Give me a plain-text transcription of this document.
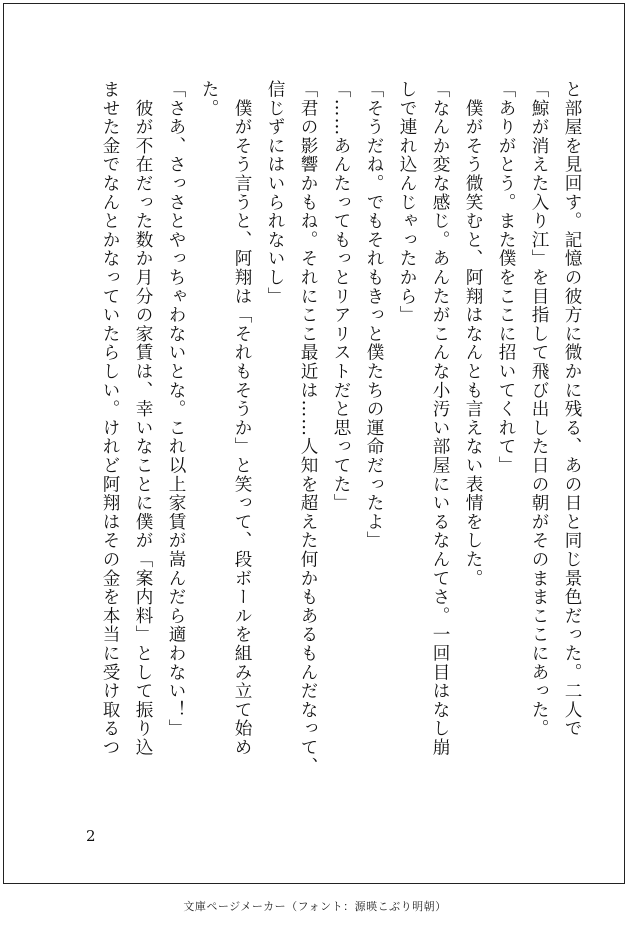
と部屋を見回す。記憶の彼方に微かに残る、あの日と同じ景色だった。二人で

「鯨が消えた入り江」を目指して飛び出した日の朝がそのままここにあった。

「ありがとう。また僕をここに招いてくれて」

　僕がそう微笑むと、阿翔はなんとも言えない表情をした。

「なんか変な感じ。あんたがこんな小汚い部屋にいるなんてさ。一回目はなし崩

しで連れ込んじゃったから」

「そうだね。でもそれもきっと僕たちの運命だったよ」

「……あんたってもっとリアリストだと思ってた」

「君の影響かもね。それにここ最近は……人知を超えた何かもあるもんだなって、

信じずにはいられないし」

　僕がそう言うと、阿翔は「それもそうか」と笑って、段ボールを組み立て始め

た。

「さあ、さっさとやっちゃわないとな。これ以上家賃が嵩んだら適わない！」

　彼が不在だった数か月分の家賃は、幸いなことに僕が「案内料」として振り込

ませた金でなんとかなっていたらしい。けれど阿翔はその金を本当に受け取るつ

2
文庫ページメーカー（フォント：源暎こぶり明朝）
